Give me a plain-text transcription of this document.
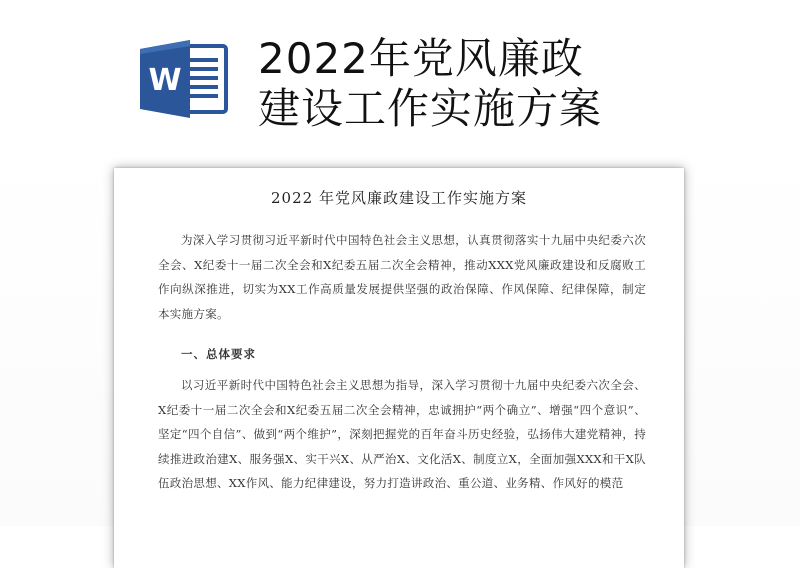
W 2022年党风廉政
建设工作实施方案
2022 年党风廉政建设工作实施方案
为深入学习贯彻习近平新时代中国特色社会主义思想，认真贯彻落实十九届中央纪委六次全会、X纪委十一届二次全会和X纪委五届二次全会精神，推动XXX党风廉政建设和反腐败工作向纵深推进，切实为XX工作高质量发展提供坚强的政治保障、作风保障、纪律保障，制定本实施方案。
一、总体要求
以习近平新时代中国特色社会主义思想为指导，深入学习贯彻十九届中央纪委六次全会、X纪委十一届二次全会和X纪委五届二次全会精神，忠诚拥护“两个确立”、增强“四个意识”、坚定“四个自信”、做到“两个维护”，深刻把握党的百年奋斗历史经验，弘扬伟大建党精神，持续推进政治建X、服务强X、实干兴X、从严治X、文化活X、制度立X，全面加强XXX和干X队伍政治思想、XX作风、能力纪律建设，努力打造讲政治、重公道、业务精、作风好的模范
